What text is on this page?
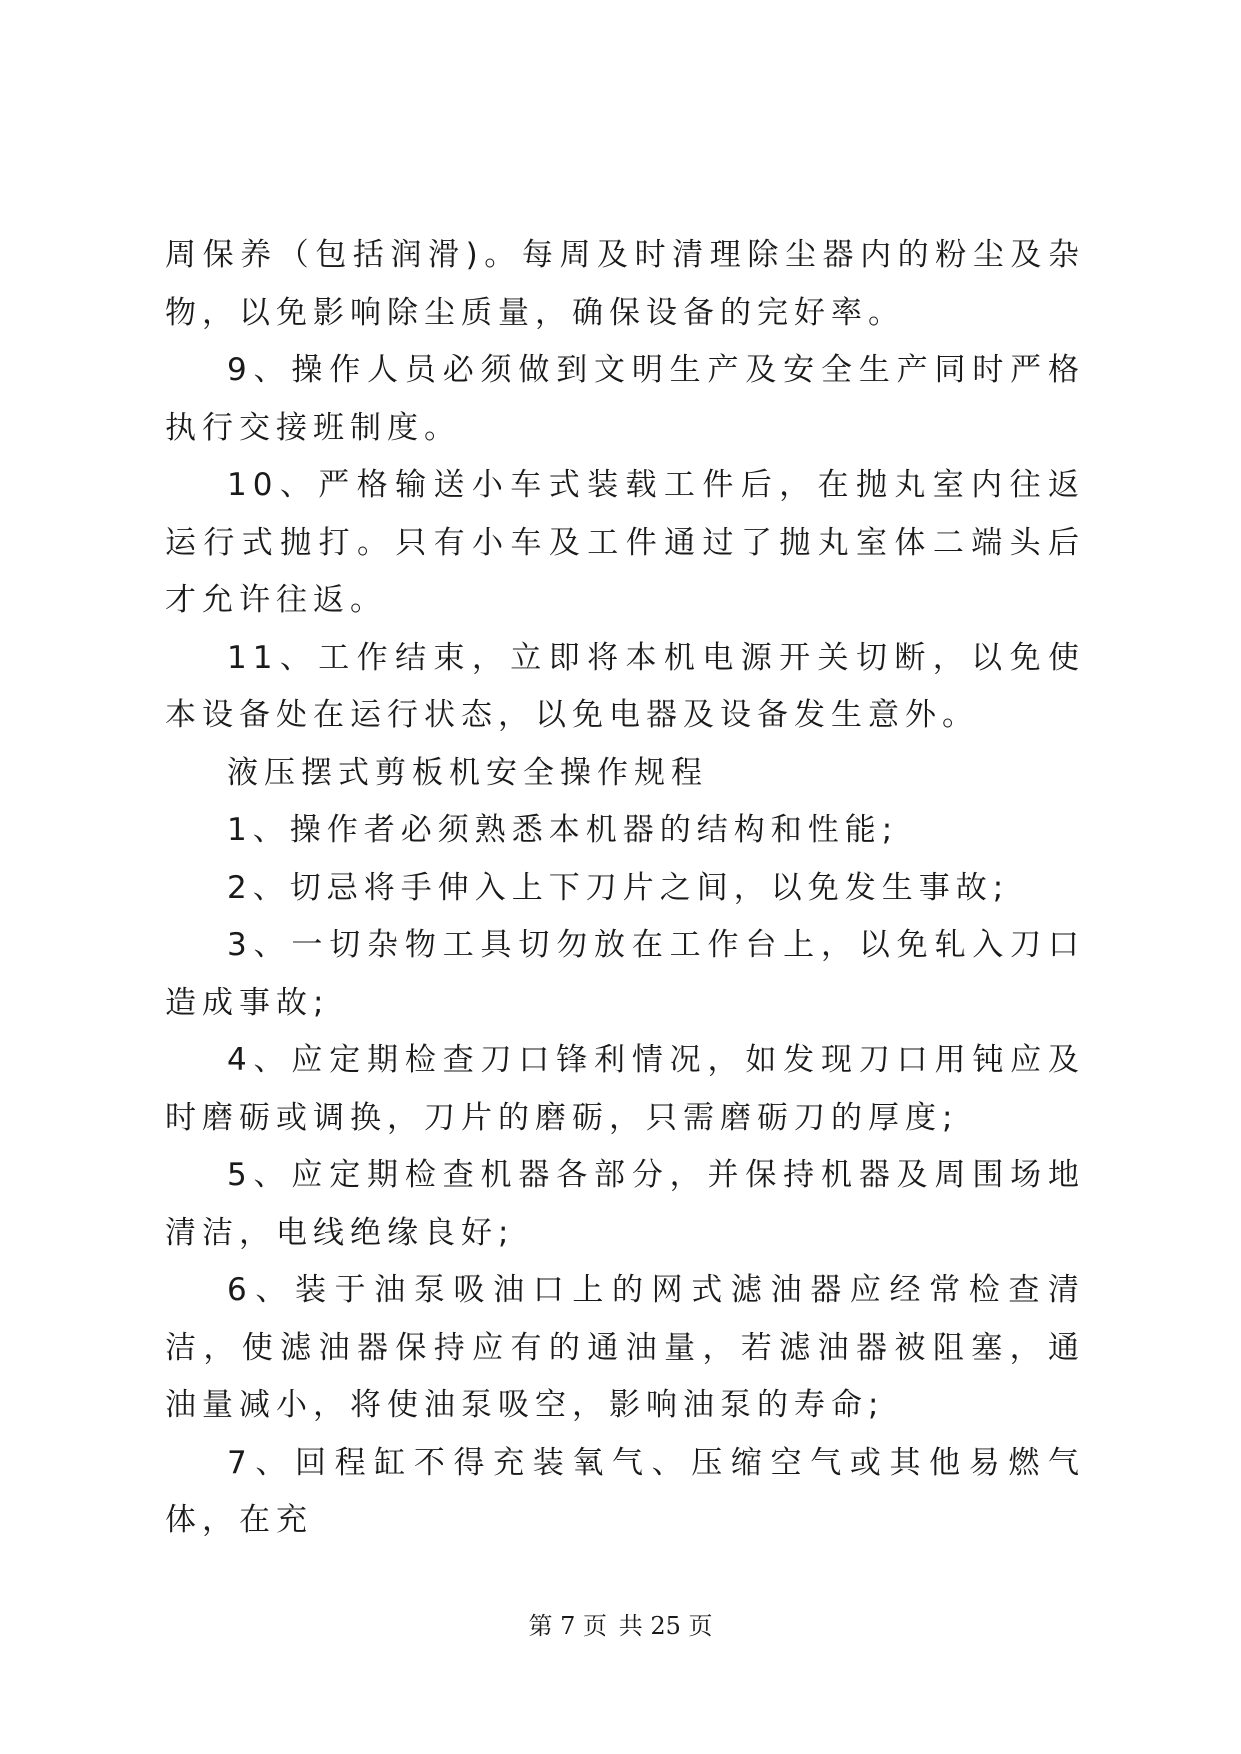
周保养（包括润滑)。每周及时清理除尘器内的粉尘及杂物，以免影响除尘质量，确保设备的完好率。

9、操作人员必须做到文明生产及安全生产同时严格执行交接班制度。

10、严格输送小车式装载工件后，在抛丸室内往返运行式抛打。只有小车及工件通过了抛丸室体二端头后才允许往返。

11、工作结束，立即将本机电源开关切断，以免使本设备处在运行状态，以免电器及设备发生意外。

液压摆式剪板机安全操作规程

1、操作者必须熟悉本机器的结构和性能;

2、切忌将手伸入上下刀片之间，以免发生事故;

3、一切杂物工具切勿放在工作台上，以免轧入刀口造成事故;

4、应定期检查刀口锋利情况，如发现刀口用钝应及时磨砺或调换，刀片的磨砺，只需磨砺刀的厚度;

5、应定期检查机器各部分，并保持机器及周围场地清洁，电线绝缘良好;

6、装于油泵吸油口上的网式滤油器应经常检查清洁，使滤油器保持应有的通油量，若滤油器被阻塞，通油量减小，将使油泵吸空，影响油泵的寿命;

7、回程缸不得充装氧气、压缩空气或其他易燃气体，在充

第 7 页 共 25 页
